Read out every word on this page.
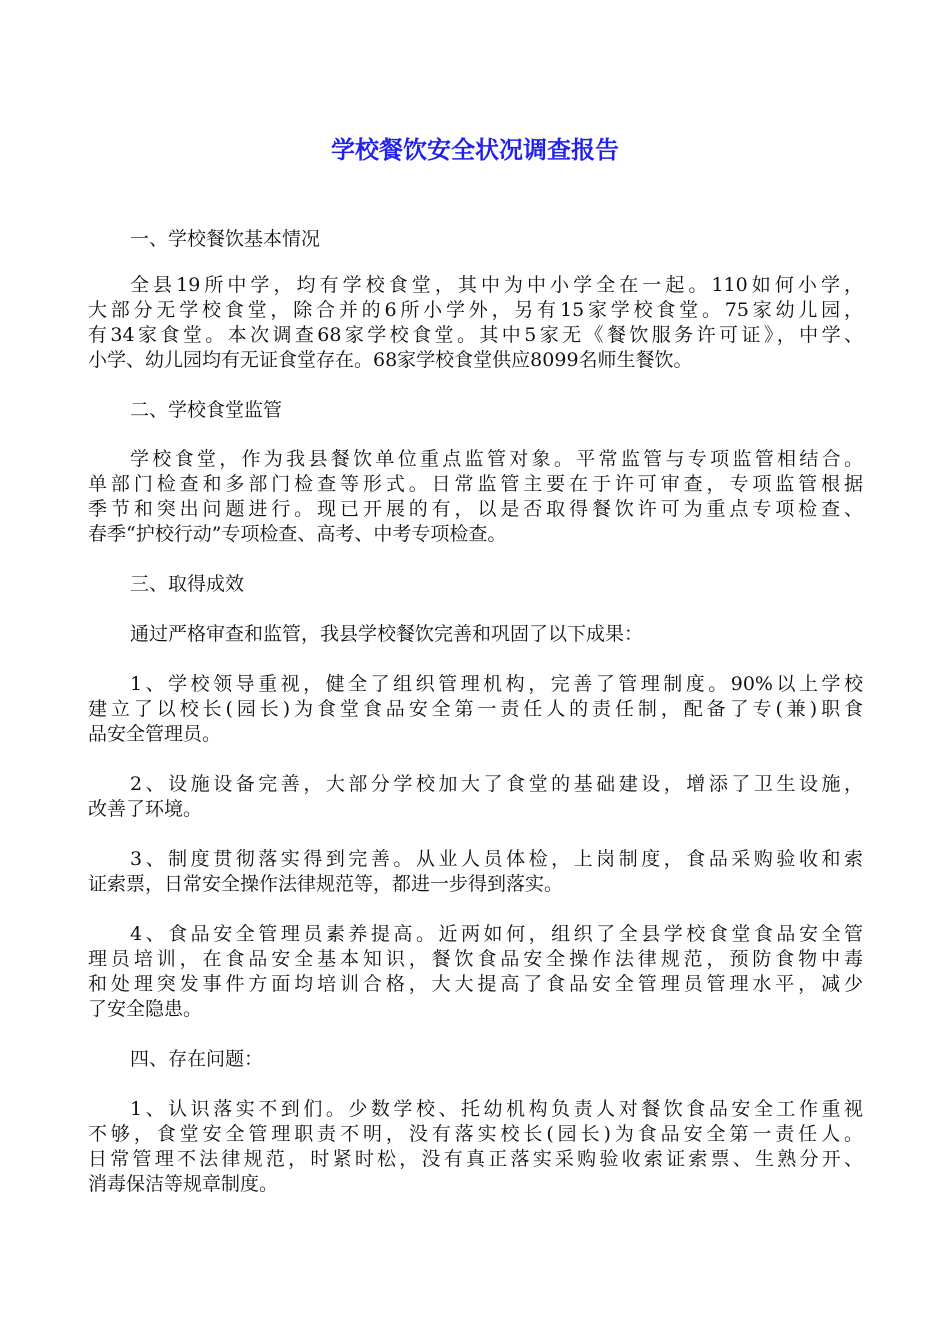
学校餐饮安全状况调查报告
一、学校餐饮基本情况
全县19所中学，均有学校食堂，其中为中小学全在一起。110如何小学，
大部分无学校食堂，除合并的6所小学外，另有15家学校食堂。75家幼儿园，
有34家食堂。本次调查68家学校食堂。其中5家无《餐饮服务许可证》，中学、
小学、幼儿园均有无证食堂存在。68家学校食堂供应8099名师生餐饮。
二、学校食堂监管
学校食堂，作为我县餐饮单位重点监管对象。平常监管与专项监管相结合。
单部门检查和多部门检查等形式。日常监管主要在于许可审查，专项监管根据
季节和突出问题进行。现已开展的有，以是否取得餐饮许可为重点专项检查、
春季“护校行动”专项检查、高考、中考专项检查。
三、取得成效
通过严格审查和监管，我县学校餐饮完善和巩固了以下成果：
1、学校领导重视，健全了组织管理机构，完善了管理制度。90%以上学校
建立了以校长(园长)为食堂食品安全第一责任人的责任制，配备了专(兼)职食
品安全管理员。
2、设施设备完善，大部分学校加大了食堂的基础建设，增添了卫生设施，
改善了环境。
3、制度贯彻落实得到完善。从业人员体检，上岗制度，食品采购验收和索
证索票，日常安全操作法律规范等，都进一步得到落实。
4、食品安全管理员素养提高。近两如何，组织了全县学校食堂食品安全管
理员培训，在食品安全基本知识，餐饮食品安全操作法律规范，预防食物中毒
和处理突发事件方面均培训合格，大大提高了食品安全管理员管理水平，减少
了安全隐患。
四、存在问题：
1、认识落实不到们。少数学校、托幼机构负责人对餐饮食品安全工作重视
不够，食堂安全管理职责不明，没有落实校长(园长)为食品安全第一责任人。
日常管理不法律规范，时紧时松，没有真正落实采购验收索证索票、生熟分开、
消毒保洁等规章制度。
